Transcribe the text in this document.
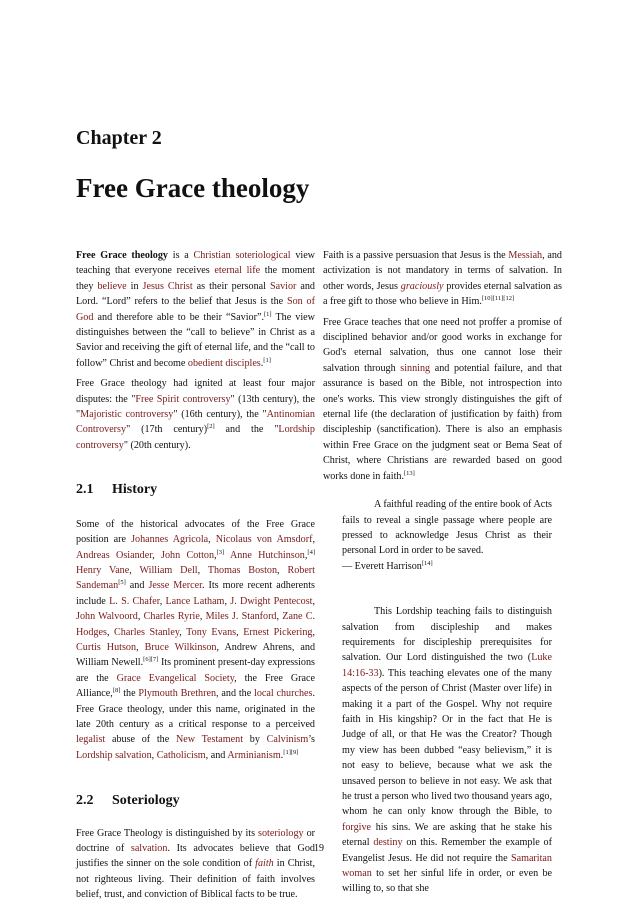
Chapter 2
Free Grace theology

Free Grace theology is a Christian soteriological view teaching that everyone receives eternal life the moment they believe in Jesus Christ as their personal Savior and Lord. “Lord” refers to the belief that Jesus is the Son of God and therefore able to be their “Savior”.[1] The view distinguishes between the “call to believe” in Christ as a Savior and receiving the gift of eternal life, and the “call to follow” Christ and become obedient disciples.[1]

Free Grace theology had ignited at least four major disputes: the "Free Spirit controversy" (13th century), the "Majoristic controversy" (16th century), the "Antinomian Controversy" (17th century)[2] and the "Lordship controversy" (20th century).

2.1 History

Some of the historical advocates of the Free Grace position are Johannes Agricola, Nicolaus von Amsdorf, Andreas Osiander, John Cotton,[3] Anne Hutchinson,[4] Henry Vane, William Dell, Thomas Boston, Robert Sandeman[5] and Jesse Mercer. Its more recent adherents include L. S. Chafer, Lance Latham, J. Dwight Pentecost, John Walvoord, Charles Ryrie, Miles J. Stanford, Zane C. Hodges, Charles Stanley, Tony Evans, Ernest Pickering, Curtis Hutson, Bruce Wilkinson, Andrew Ahrens, and William Newell.[6][7] Its prominent present-day expressions are the Grace Evangelical Society, the Free Grace Alliance,[8] the Plymouth Brethren, and the local churches. Free Grace theology, under this name, originated in the late 20th century as a critical response to a perceived legalist abuse of the New Testament by Calvinism’s Lordship salvation, Catholicism, and Arminianism.[1][9]

2.2 Soteriology

Free Grace Theology is distinguished by its soteriology or doctrine of salvation. Its advocates believe that God justifies the sinner on the sole condition of faith in Christ, not righteous living. Their definition of faith involves belief, trust, and conviction of Biblical facts to be true.

Faith is a passive persuasion that Jesus is the Messiah, and activization is not mandatory in terms of salvation. In other words, Jesus graciously provides eternal salvation as a free gift to those who believe in Him.[10][11][12]

Free Grace teaches that one need not proffer a promise of disciplined behavior and/or good works in exchange for God's eternal salvation, thus one cannot lose their salvation through sinning and potential failure, and that assurance is based on the Bible, not introspection into one's works. This view strongly distinguishes the gift of eternal life (the declaration of justification by faith) from discipleship (sanctification). There is also an emphasis within Free Grace on the judgment seat or Bema Seat of Christ, where Christians are rewarded based on good works done in faith.[13]

A faithful reading of the entire book of Acts fails to reveal a single passage where people are pressed to acknowledge Jesus Christ as their personal Lord in order to be saved.

— Everett Harrison[14]

This Lordship teaching fails to distinguish salvation from discipleship and makes requirements for discipleship prerequisites for salvation. Our Lord distinguished the two (Luke 14:16-33). This teaching elevates one of the many aspects of the person of Christ (Master over life) in making it a part of the Gospel. Why not require faith in His kingship? Or in the fact that He is Judge of all, or that He was the Creator? Though my view has been dubbed “easy believism,” it is not easy to believe, because what we ask the unsaved person to believe in not easy. We ask that he trust a person who lived two thousand years ago, whom he can only know through the Bible, to forgive his sins. We are asking that he stake his eternal destiny on this. Remember the example of Evangelist Jesus. He did not require the Samaritan woman to set her sinful life in order, or even be willing to, so that she

19
